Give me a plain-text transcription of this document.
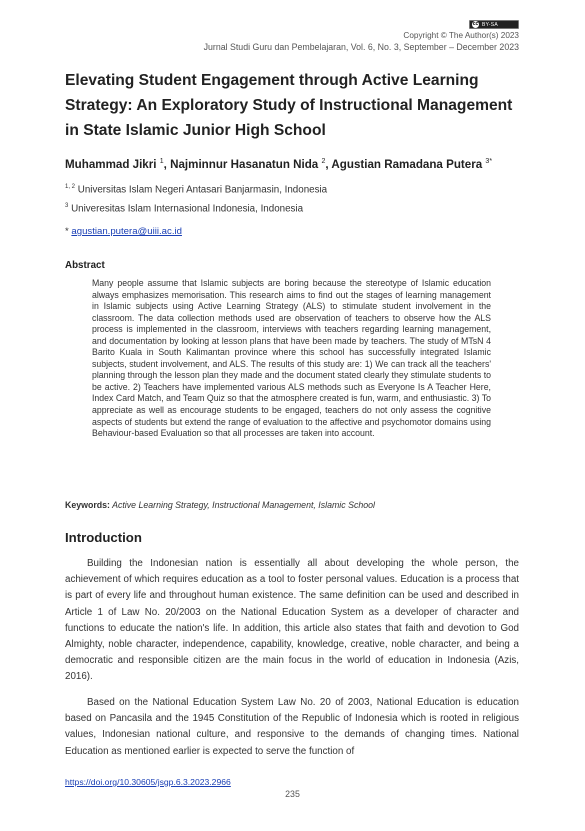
cc BY-SA
Copyright © The Author(s) 2023
Jurnal Studi Guru dan Pembelajaran, Vol. 6, No. 3, September – December 2023
Elevating Student Engagement through Active Learning Strategy: An Exploratory Study of Instructional Management in State Islamic Junior High School
Muhammad Jikri $^1$, Najminnur Hasanatun Nida $^2$, Agustian Ramadana Putera $^{3*}$
$^{1, 2}$ Universitas Islam Negeri Antasari Banjarmasin, Indonesia
$^3$ Univeresitas Islam Internasional Indonesia, Indonesia
* agustian.putera@uiii.ac.id
Abstract
Many people assume that Islamic subjects are boring because the stereotype of Islamic education always emphasizes memorisation. This research aims to find out the stages of learning management in Islamic subjects using Active Learning Strategy (ALS) to stimulate student involvement in the classroom. The data collection methods used are observation of teachers to observe how the ALS process is implemented in the classroom, interviews with teachers regarding learning management, and documentation by looking at lesson plans that have been made by teachers. The study of MTsN 4 Barito Kuala in South Kalimantan province where this school has successfully integrated Islamic subjects, student involvement, and ALS. The results of this study are: 1) We can track all the teachers' planning through the lesson plan they made and the document stated clearly they stimulate students to be active. 2) Teachers have implemented various ALS methods such as Everyone Is A Teacher Here, Index Card Match, and Team Quiz so that the atmosphere created is fun, warm, and enthusiastic. 3) To appreciate as well as encourage students to be engaged, teachers do not only assess the cognitive aspects of students but extend the range of evaluation to the affective and psychomotor domains using Behaviour-based Evaluation so that all processes are taken into account.
Keywords: Active Learning Strategy, Instructional Management, Islamic School
Introduction
Building the Indonesian nation is essentially all about developing the whole person, the achievement of which requires education as a tool to foster personal values. Education is a process that is part of every life and throughout human existence. The same definition can be used and described in Article 1 of Law No. 20/2003 on the National Education System as a developer of character and functions to educate the nation's life. In addition, this article also states that faith and devotion to God Almighty, noble character, independence, capability, knowledge, creative, noble character, and being a democratic and responsible citizen are the main focus in the world of education in Indonesia (Azis, 2016).
Based on the National Education System Law No. 20 of 2003, National Education is education based on Pancasila and the 1945 Constitution of the Republic of Indonesia which is rooted in religious values, Indonesian national culture, and responsive to the demands of changing times. National Education as mentioned earlier is expected to serve the function of
https://doi.org/10.30605/jsgp.6.3.2023.2966
235
